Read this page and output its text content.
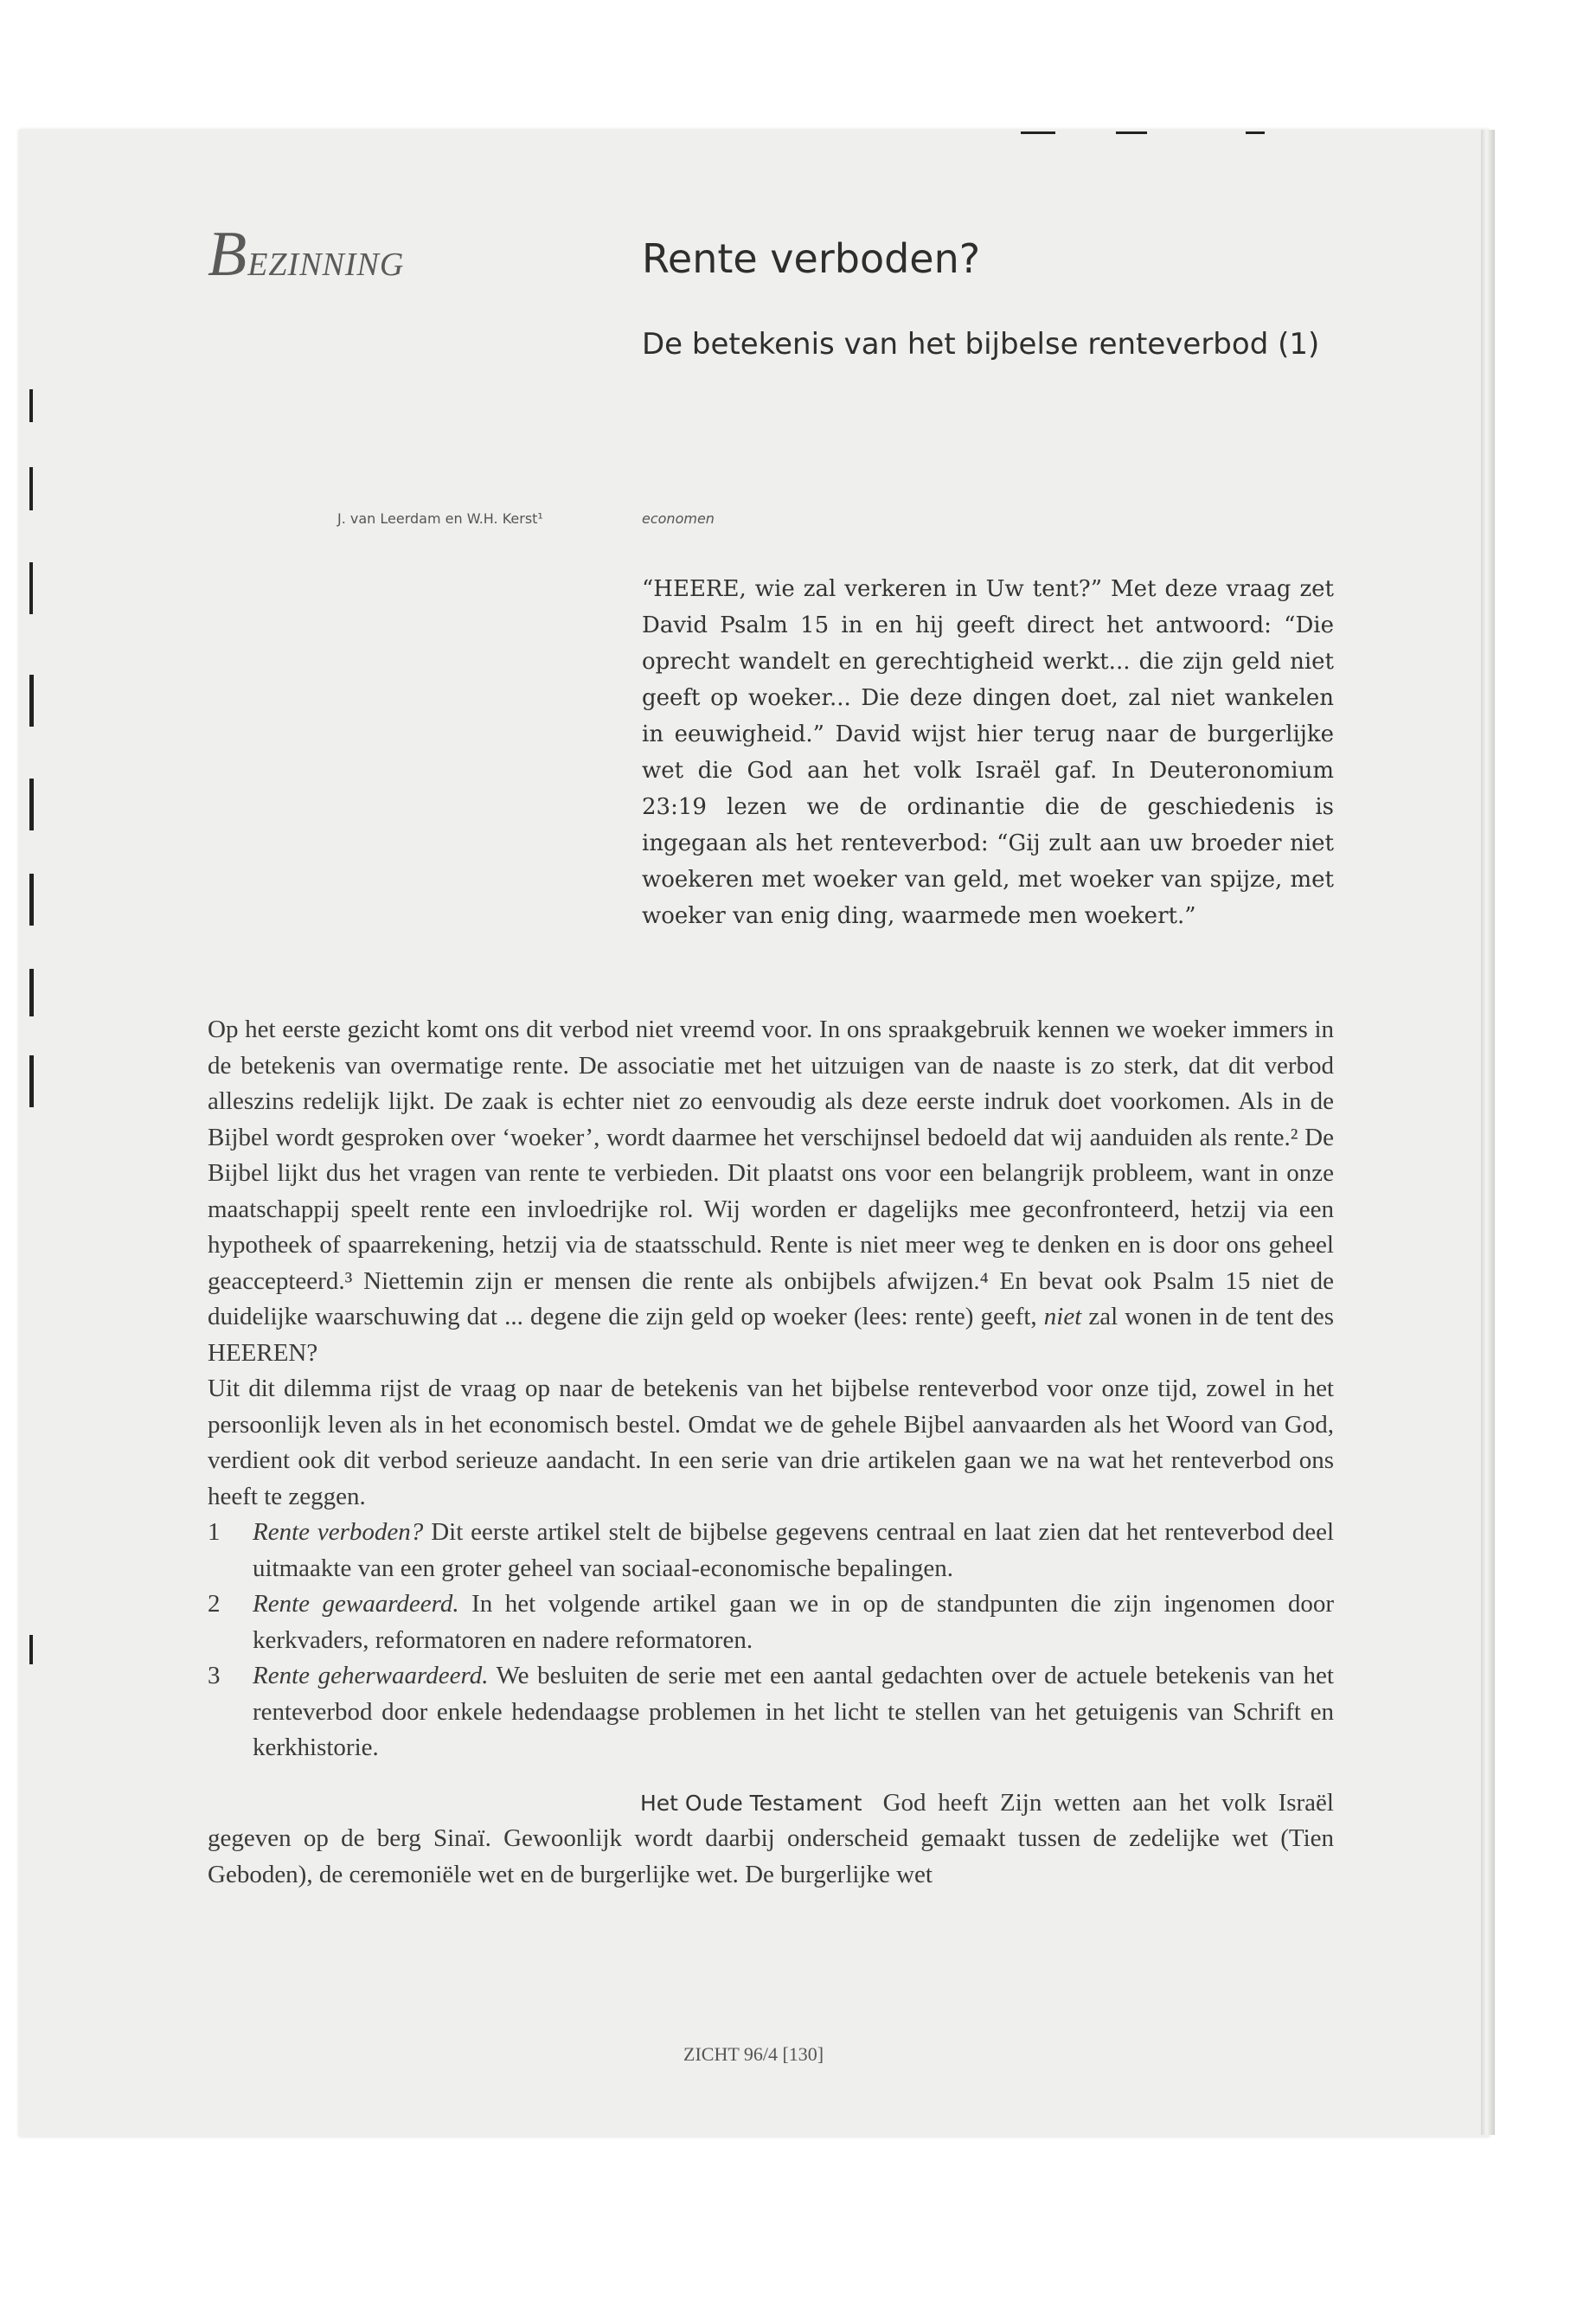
BEZINNING	Rente verboden?
De betekenis van het bijbelse renteverbod (1)
J. van Leerdam en W.H. Kerst¹	economen

“HEERE, wie zal verkeren in Uw tent?” Met deze vraag zet David Psalm 15 in en hij geeft direct het antwoord: “Die oprecht wandelt en gerechtigheid werkt... die zijn geld niet geeft op woeker... Die deze dingen doet, zal niet wankelen in eeuwigheid.” David wijst hier terug naar de burgerlijke wet die God aan het volk Israël gaf. In Deuteronomium 23:19 lezen we de ordinantie die de geschiedenis is ingegaan als het renteverbod: “Gij zult aan uw broeder niet woekeren met woeker van geld, met woeker van spijze, met woeker van enig ding, waarmede men woekert.”

Op het eerste gezicht komt ons dit verbod niet vreemd voor. In ons spraakgebruik kennen we woeker immers in de betekenis van overmatige rente. De associatie met het uitzuigen van de naaste is zo sterk, dat dit verbod alleszins redelijk lijkt. De zaak is echter niet zo eenvoudig als deze eerste indruk doet voorkomen. Als in de Bijbel wordt gesproken over ‘woeker’, wordt daarmee het verschijnsel bedoeld dat wij aanduiden als rente.² De Bijbel lijkt dus het vragen van rente te verbieden. Dit plaatst ons voor een belangrijk probleem, want in onze maatschappij speelt rente een invloedrijke rol. Wij worden er dagelijks mee geconfronteerd, hetzij via een hypotheek of spaarrekening, hetzij via de staatsschuld. Rente is niet meer weg te denken en is door ons geheel geaccepteerd.³ Niettemin zijn er mensen die rente als onbijbels afwijzen.⁴ En bevat ook Psalm 15 niet de duidelijke waarschuwing dat ... degene die zijn geld op woeker (lees: rente) geeft, niet zal wonen in de tent des HEEREN?

Uit dit dilemma rijst de vraag op naar de betekenis van het bijbelse renteverbod voor onze tijd, zowel in het persoonlijk leven als in het economisch bestel. Omdat we de gehele Bijbel aanvaarden als het Woord van God, verdient ook dit verbod serieuze aandacht. In een serie van drie artikelen gaan we na wat het renteverbod ons heeft te zeggen.

1	Rente verboden? Dit eerste artikel stelt de bijbelse gegevens centraal en laat zien dat het renteverbod deel uitmaakte van een groter geheel van sociaal-economische bepalingen.
2	Rente gewaardeerd. In het volgende artikel gaan we in op de standpunten die zijn ingenomen door kerkvaders, reformatoren en nadere reformatoren.
3	Rente geherwaardeerd. We besluiten de serie met een aantal gedachten over de actuele betekenis van het renteverbod door enkele hedendaagse problemen in het licht te stellen van het getuigenis van Schrift en kerkhistorie.

Het Oude Testament God heeft Zijn wetten aan het volk Israël gegeven op de berg Sinaï. Gewoonlijk wordt daarbij onderscheid gemaakt tussen de zedelijke wet (Tien Geboden), de ceremoniële wet en de burgerlijke wet. De burgerlijke wet

ZICHT 96/4 [130]
